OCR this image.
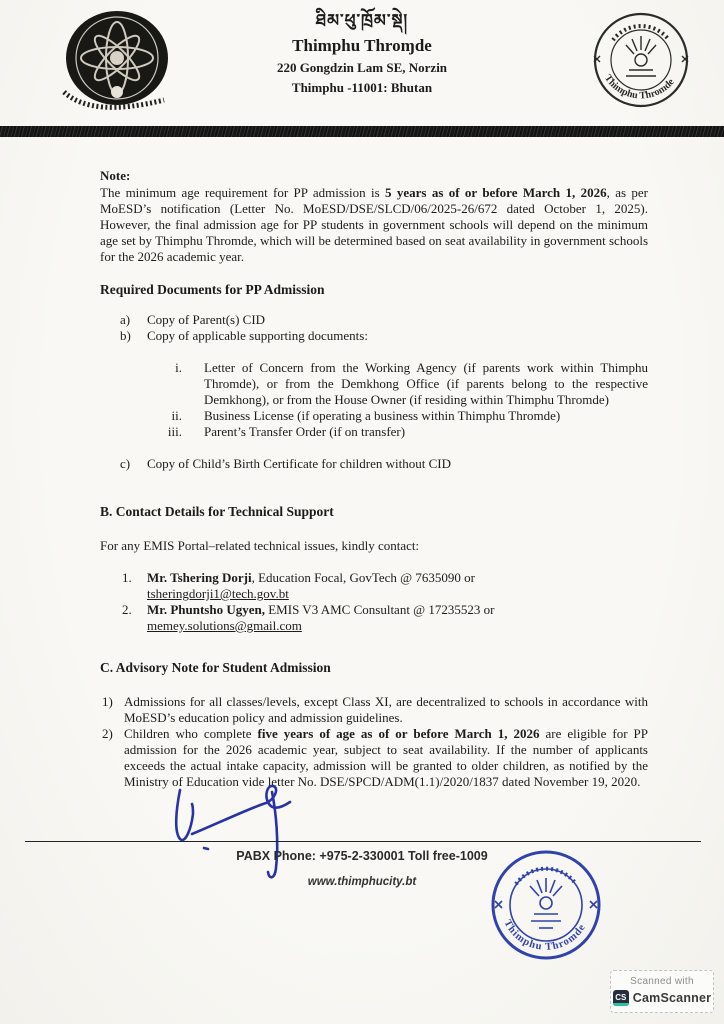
ཐིམ་ཕུ་ཁྲོམ་སྡེ།
Thimphu Throɱde
220 Gongdzin Lam SE, Norzin
Thimphu -11001: Bhutan
Thimphu Thromde
Note:

The minimum age requirement for PP admission is 5 years as of or before March 1, 2026, as per MoESD’s notification (Letter No. MoESD/DSE/SLCD/06/2025-26/672 dated October 1, 2025). However, the final admission age for PP students in government schools will depend on the minimum age set by Thimphu Thromde, which will be determined based on seat availability in government schools for the 2026 academic year.

Required Documents for PP Admission
a)	Copy of Parent(s) CID
b)	Copy of applicable supporting documents:
i. Letter of Concern from the Working Agency (if parents work within Thimphu Thromde), or from the Demkhong Office (if parents belong to the respective Demkhong), or from the House Owner (if residing within Thimphu Thromde)
ii. Business License (if operating a business within Thimphu Thromde)
iii. Parent’s Transfer Order (if on transfer)
c)	Copy of Child’s Birth Certificate for children without CID
B. Contact Details for Technical Support

For any EMIS Portal–related technical issues, kindly contact:

1.	Mr. Tshering Dorji, Education Focal, GovTech @ 7635090 or
tsheringdorji1@tech.gov.bt
2.	Mr. Phuntsho Ugyen, EMIS V3 AMC Consultant @ 17235523 or
memey.solutions@gmail.com
C. Advisory Note for Student Admission
1) Admissions for all classes/levels, except Class XI, are decentralized to schools in accordance with MoESD’s education policy and admission guidelines.
2) Children who complete five years of age as of or before March 1, 2026 are eligible for PP admission for the 2026 academic year, subject to seat availability. If the number of applicants exceeds the actual intake capacity, admission will be granted to older children, as notified by the Ministry of Education vide letter No. DSE/SPCD/ADM(1.1)/2020/1837 dated November 19, 2020.
PABX Phone: +975-2-330001 Toll free-1009
www.thimphucity.bt
Thimphu Thromde
Scanned with
CS CamScanner
